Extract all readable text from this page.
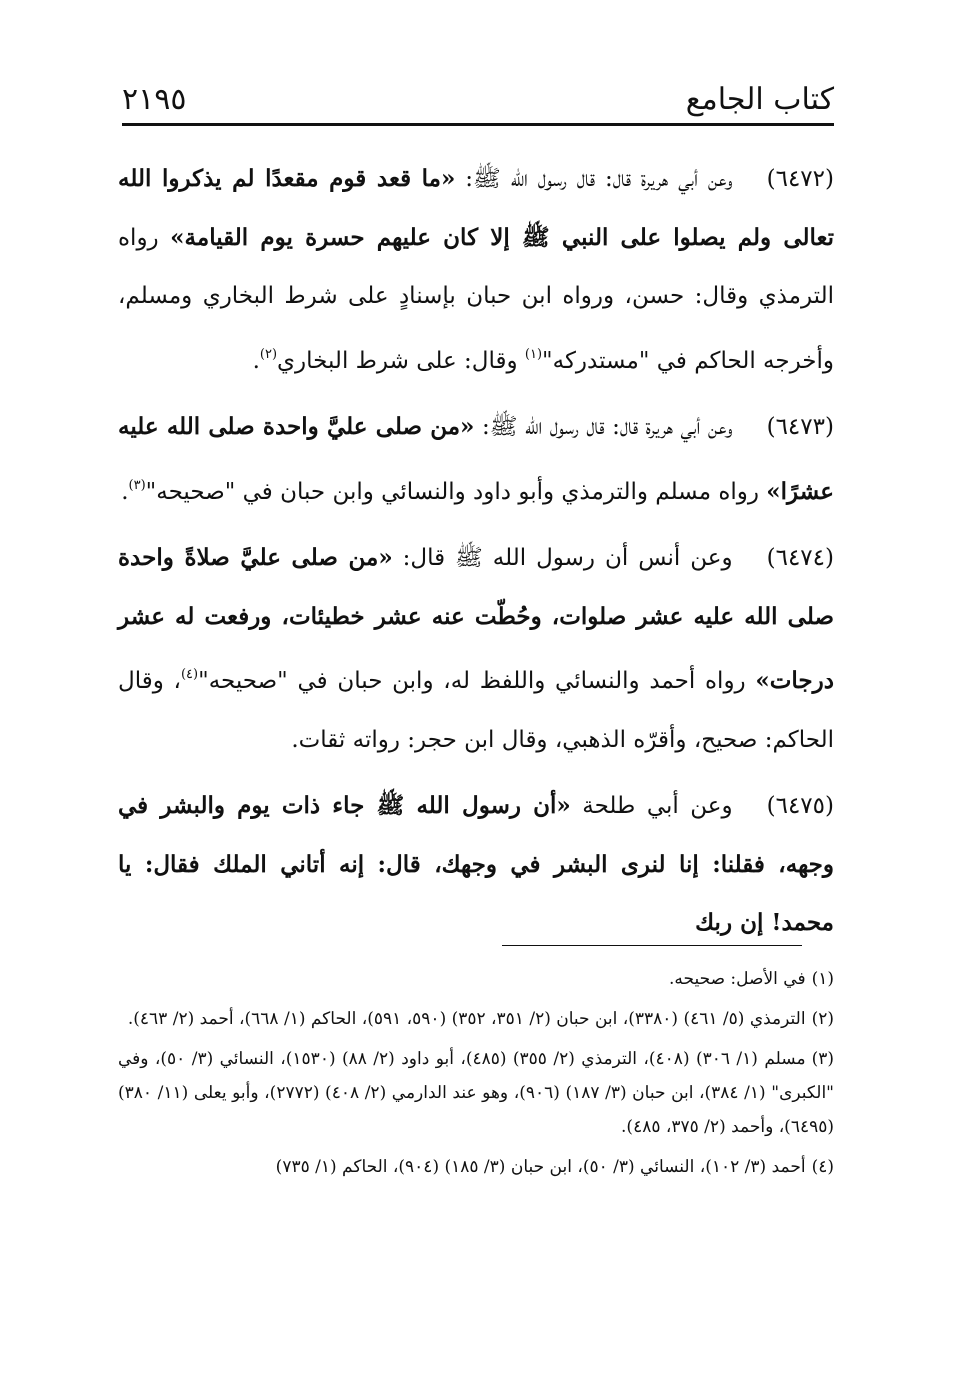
كتاب الجامع
٢١٩٥

(٦٤٧٢)وعن أبي هريرة قال: قال رسول الله ﷺ: «ما قعد قوم مقعدًا لم يذكروا الله تعالى ولم يصلوا على النبي ﷺ إلا كان عليهم حسرة يوم القيامة» رواه الترمذي وقال: حسن، ورواه ابن حبان بإسنادٍ على شرط البخاري ومسلم، وأخرجه الحاكم في "مستدركه"$^{(١)}$ وقال: على شرط البخاري$^{(٢)}$.

(٦٤٧٣)وعن أبي هريرة قال: قال رسول الله ﷺ: «من صلى عليَّ واحدة صلى الله عليه عشرًا» رواه مسلم والترمذي وأبو داود والنسائي وابن حبان في "صحيحه"$^{(٣)}$.

(٦٤٧٤)وعن أنس أن رسول الله ﷺ قال: «من صلى عليَّ صلاةً واحدة صلى الله عليه عشر صلوات، وحُطّت عنه عشر خطيئات، ورفعت له عشر درجات» رواه أحمد والنسائي واللفظ له، وابن حبان في "صحيحه"$^{(٤)}$، وقال الحاكم: صحيح، وأقرّه الذهبي، وقال ابن حجر: رواته ثقات.

(٦٤٧٥)وعن أبي طلحة «أن رسول الله ﷺ جاء ذات يوم والبشر في وجهه، فقلنا: إنا لنرى البشر في وجهك، قال: إنه أتاني الملك فقال: يا محمد! إن ربك

(١)في الأصل: صحيحه.

(٢)الترمذي (٥/ ٤٦١) (٣٣٨٠)، ابن حبان (٢/ ٣٥١، ٣٥٢) (٥٩٠، ٥٩١)، الحاكم (١/ ٦٦٨)، أحمد (٢/ ٤٦٣).

(٣)مسلم (١/ ٣٠٦) (٤٠٨)، الترمذي (٢/ ٣٥٥) (٤٨٥)، أبو داود (٢/ ٨٨) (١٥٣٠)، النسائي (٣/ ٥٠)، وفي "الكبرى" (١/ ٣٨٤)، ابن حبان (٣/ ١٨٧) (٩٠٦)، وهو عند الدارمي (٢/ ٤٠٨) (٢٧٧٢)، وأبو يعلى (١١/ ٣٨٠) (٦٤٩٥)، وأحمد (٢/ ٣٧٥، ٤٨٥).

(٤)أحمد (٣/ ١٠٢)، النسائي (٣/ ٥٠)، ابن حبان (٣/ ١٨٥) (٩٠٤)، الحاكم (١/ ٧٣٥)
